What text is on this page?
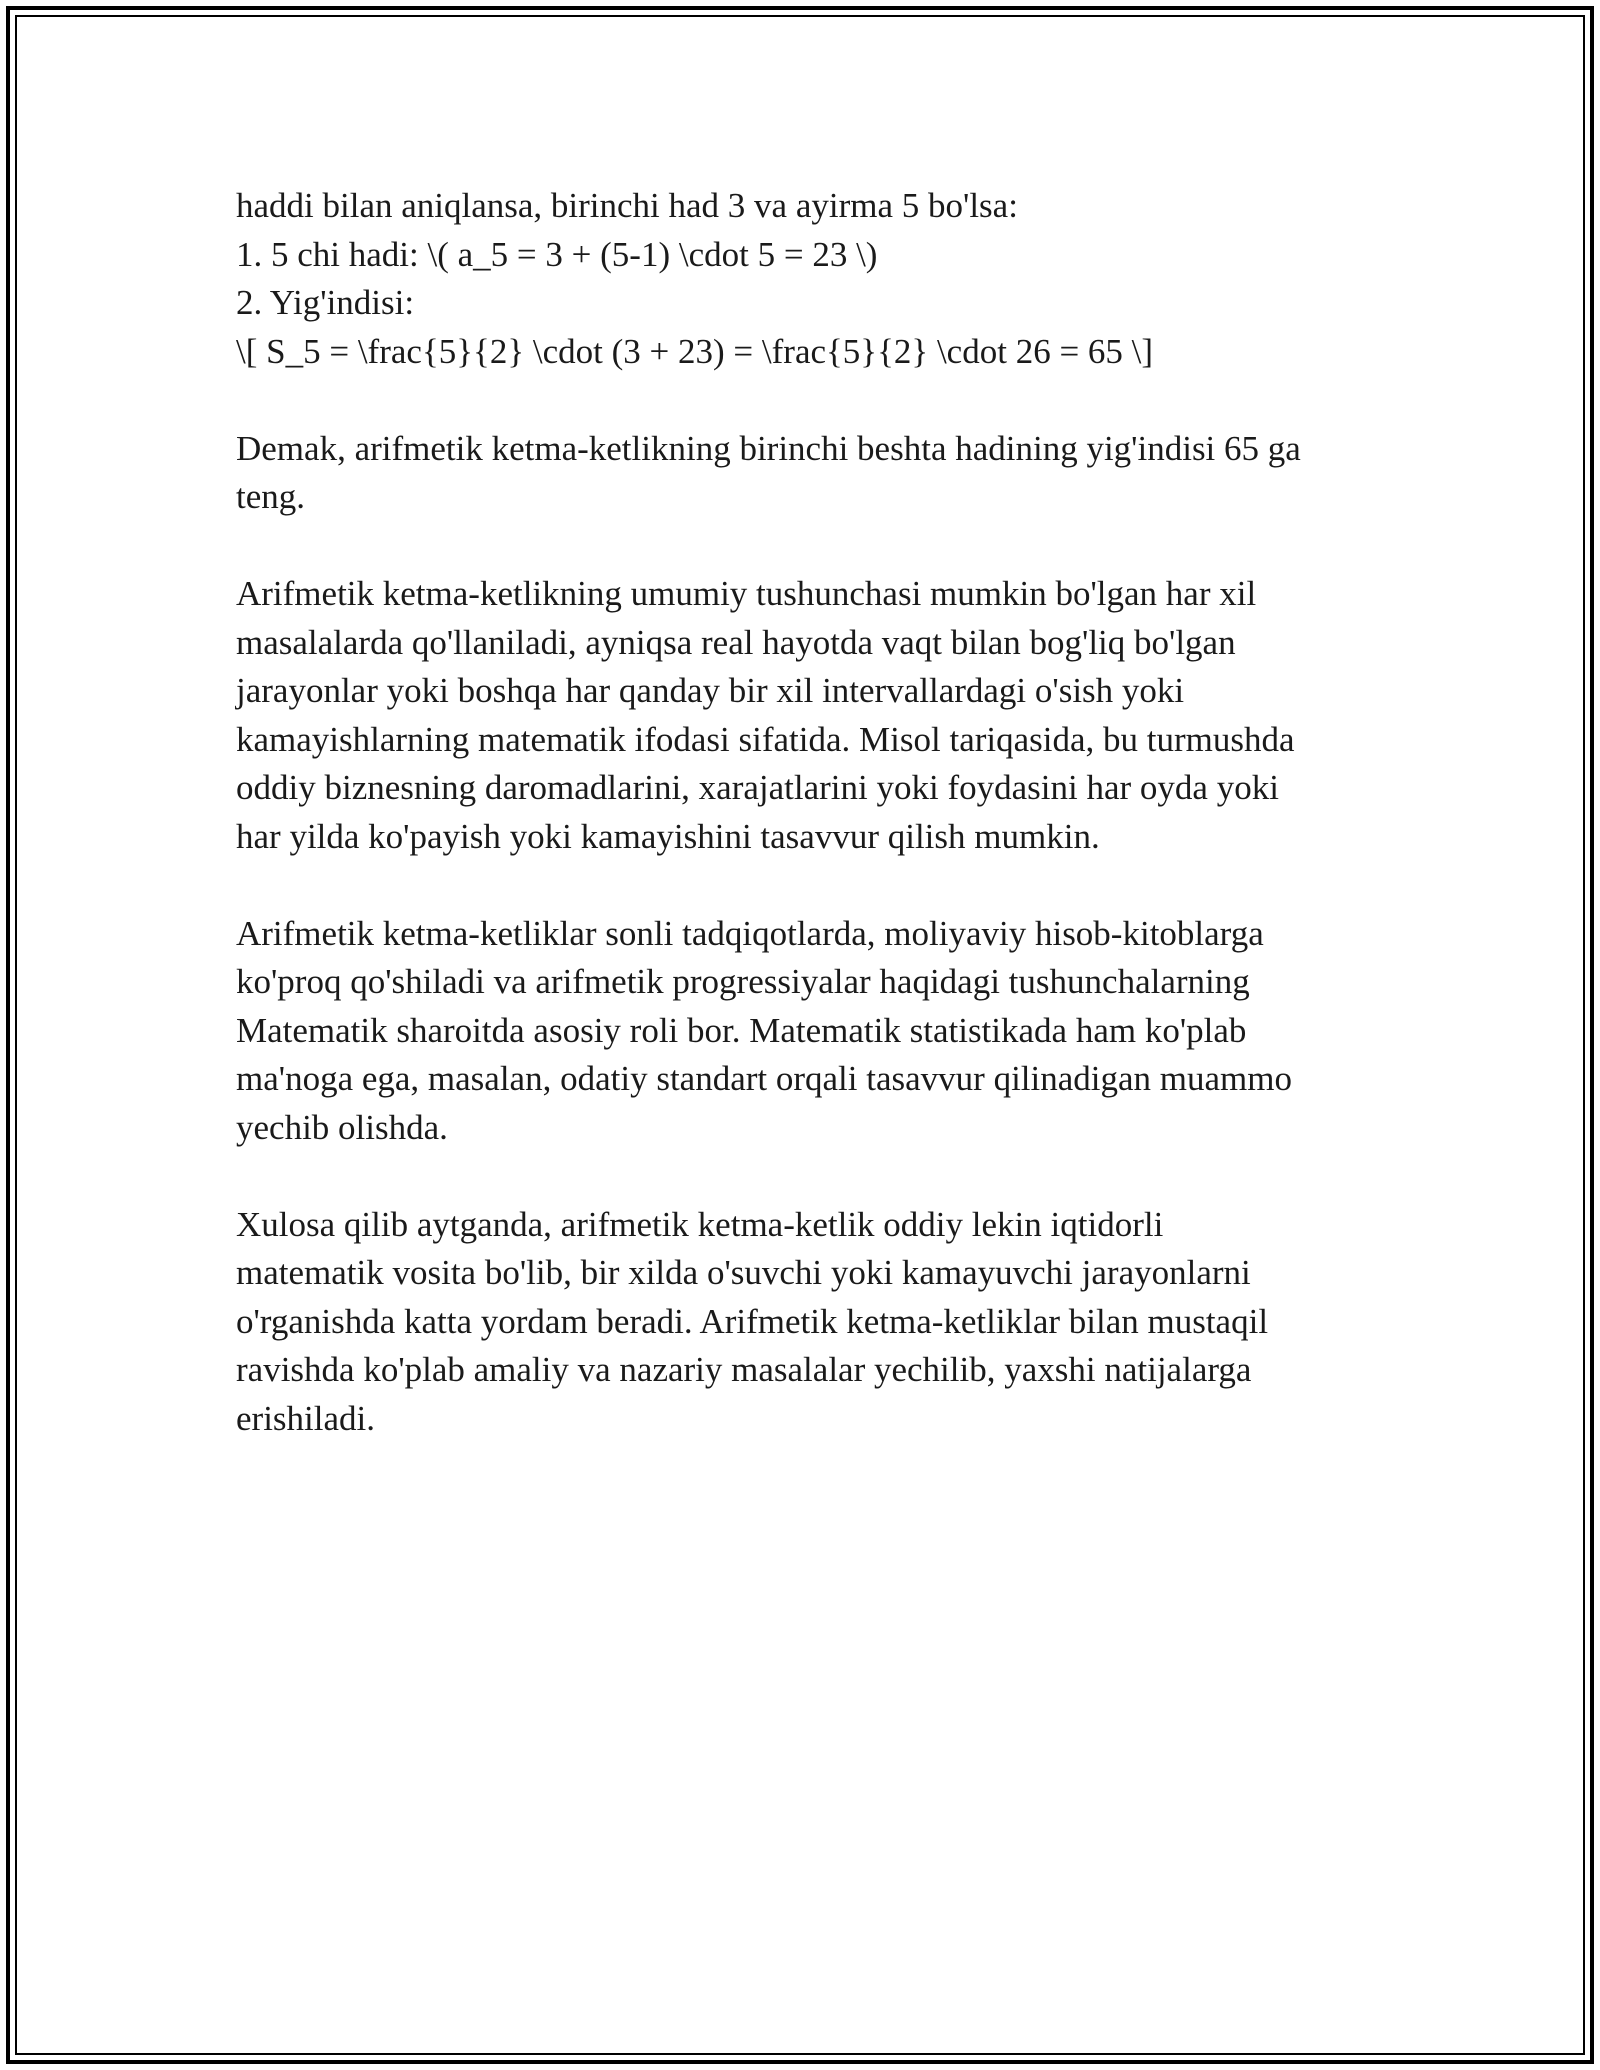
haddi bilan aniqlansa, birinchi had 3 va ayirma 5 bo'lsa:

1. 5 chi hadi: \( a_5 = 3 + (5-1) \cdot 5 = 23 \)

2. Yig'indisi:

\[ S_5 = \frac{5}{2} \cdot (3 + 23) = \frac{5}{2} \cdot 26 = 65 \]

Demak, arifmetik ketma-ketlikning birinchi beshta hadining yig'indisi 65 ga

teng.

Arifmetik ketma-ketlikning umumiy tushunchasi mumkin bo'lgan har xil

masalalarda qo'llaniladi, ayniqsa real hayotda vaqt bilan bog'liq bo'lgan

jarayonlar yoki boshqa har qanday bir xil intervallardagi o'sish yoki

kamayishlarning matematik ifodasi sifatida. Misol tariqasida, bu turmushda

oddiy biznesning daromadlarini, xarajatlarini yoki foydasini har oyda yoki

har yilda ko'payish yoki kamayishini tasavvur qilish mumkin.

Arifmetik ketma-ketliklar sonli tadqiqotlarda, moliyaviy hisob-kitoblarga

ko'proq qo'shiladi va arifmetik progressiyalar haqidagi tushunchalarning

Matematik sharoitda asosiy roli bor. Matematik statistikada ham ko'plab

ma'noga ega, masalan, odatiy standart orqali tasavvur qilinadigan muammo

yechib olishda.

Xulosa qilib aytganda, arifmetik ketma-ketlik oddiy lekin iqtidorli

matematik vosita bo'lib, bir xilda o'suvchi yoki kamayuvchi jarayonlarni

o'rganishda katta yordam beradi. Arifmetik ketma-ketliklar bilan mustaqil

ravishda ko'plab amaliy va nazariy masalalar yechilib, yaxshi natijalarga

erishiladi.
